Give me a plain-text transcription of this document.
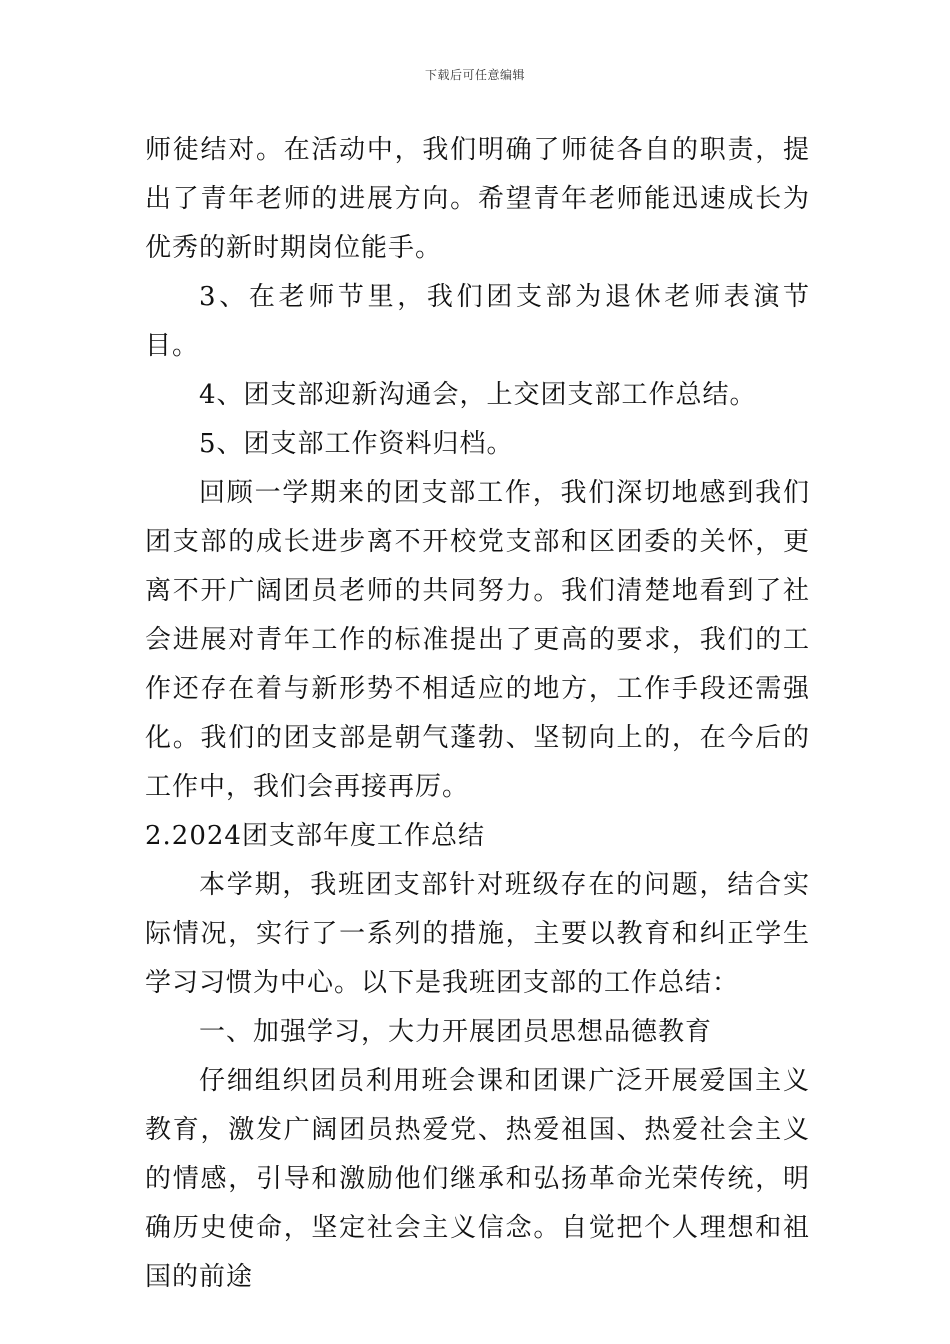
下载后可任意编辑

师徒结对。在活动中，我们明确了师徒各自的职责，提出了青年老师的进展方向。希望青年老师能迅速成长为优秀的新时期岗位能手。

3、在老师节里，我们团支部为退休老师表演节目。

4、团支部迎新沟通会，上交团支部工作总结。

5、团支部工作资料归档。

回顾一学期来的团支部工作，我们深切地感到我们团支部的成长进步离不开校党支部和区团委的关怀，更离不开广阔团员老师的共同努力。我们清楚地看到了社会进展对青年工作的标准提出了更高的要求，我们的工作还存在着与新形势不相适应的地方，工作手段还需强化。我们的团支部是朝气蓬勃、坚韧向上的，在今后的工作中，我们会再接再厉。

2.2024团支部年度工作总结

本学期，我班团支部针对班级存在的问题，结合实际情况，实行了一系列的措施，主要以教育和纠正学生学习习惯为中心。以下是我班团支部的工作总结：

一、加强学习，大力开展团员思想品德教育

仔细组织团员利用班会课和团课广泛开展爱国主义教育，激发广阔团员热爱党、热爱祖国、热爱社会主义的情感，引导和激励他们继承和弘扬革命光荣传统，明确历史使命，坚定社会主义信念。自觉把个人理想和祖国的前途
